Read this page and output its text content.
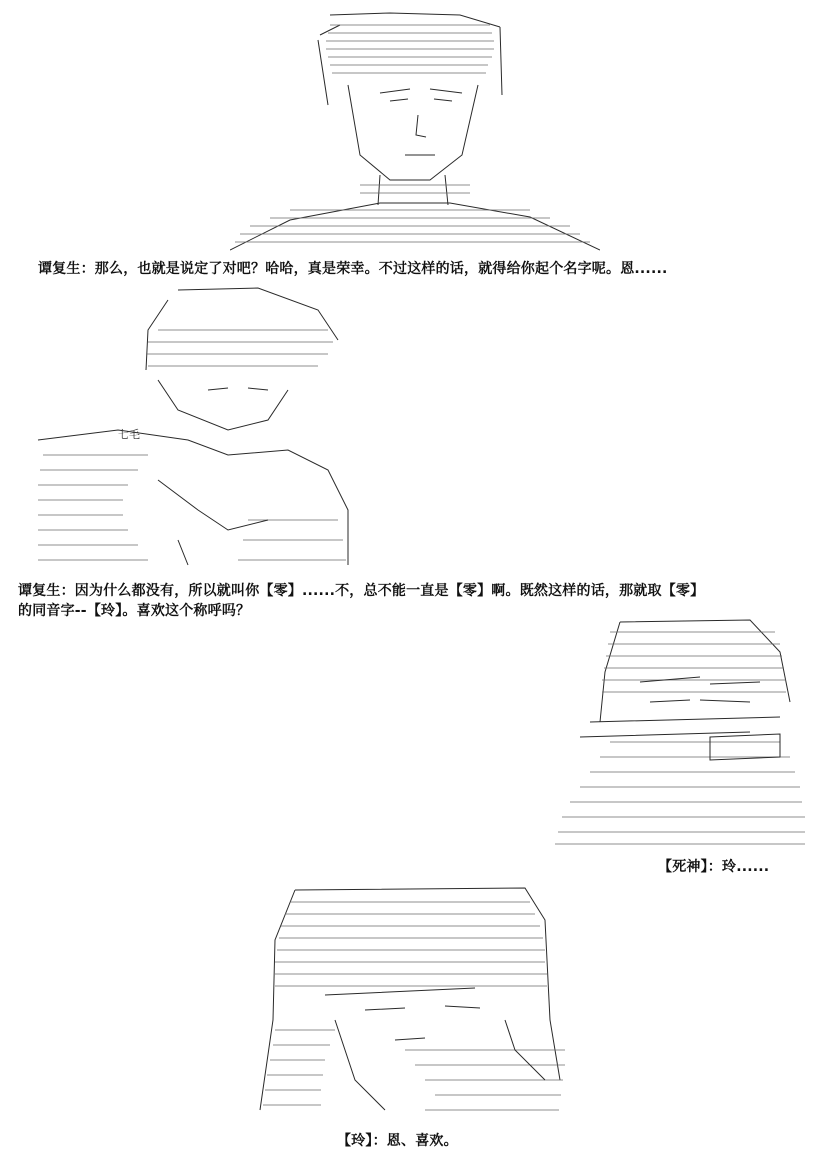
谭复生：那么，也就是说定了对吧？哈哈，真是荣幸。不过这样的话，就得给你起个名字呢。恩......
七毛
谭复生：因为什么都没有，所以就叫你【零】......不，总不能一直是【零】啊。既然这样的话，那就取【零】
的同音字--【玲】。喜欢这个称呼吗？
【死神】：玲......
【玲】：恩、喜欢。
